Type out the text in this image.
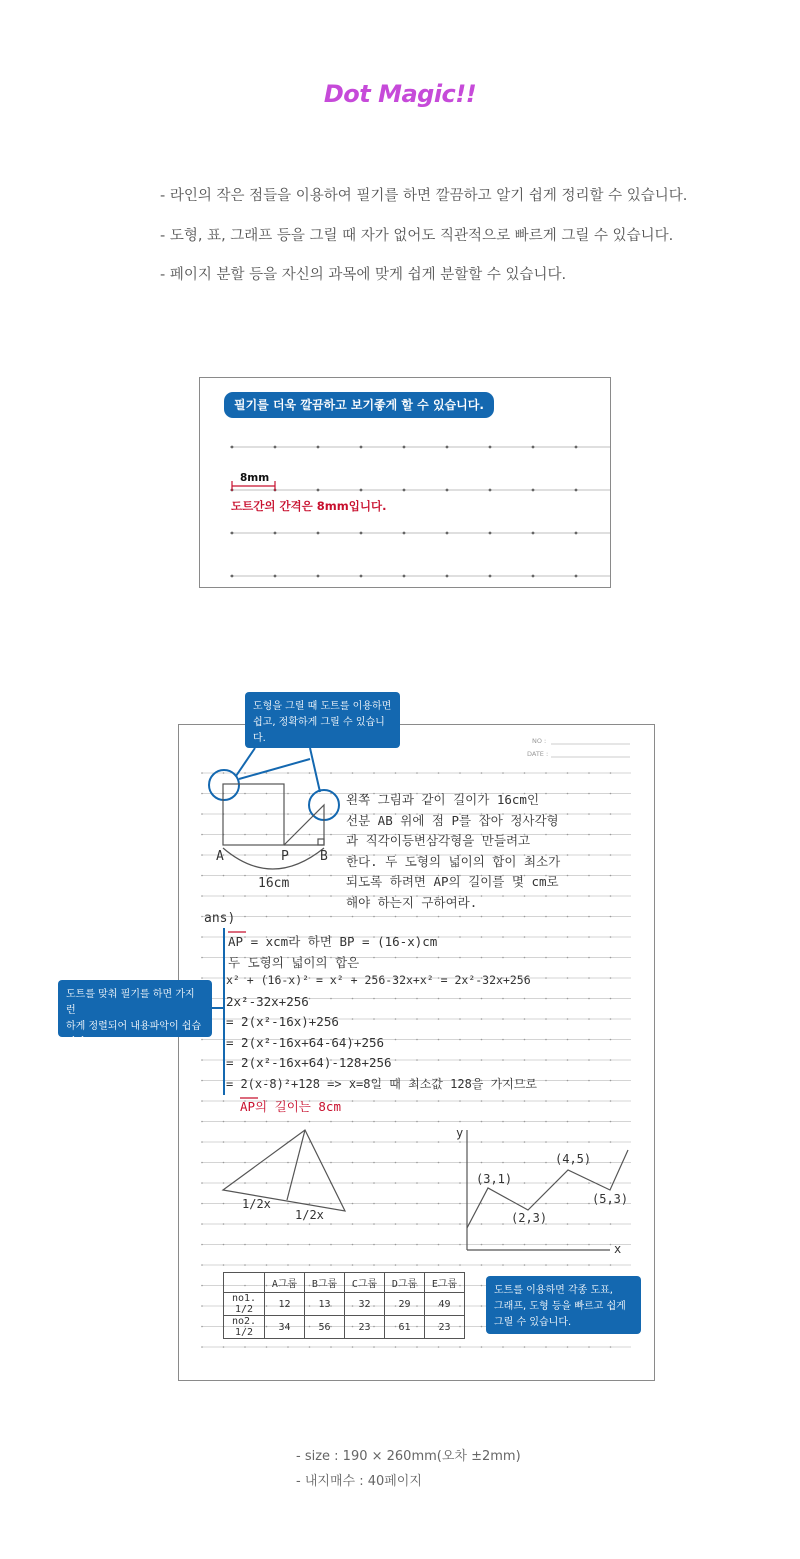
Dot Magic!!
- 라인의 작은 점들을 이용하여 필기를 하면 깔끔하고 알기 쉽게 정리할 수 있습니다.
- 도형, 표, 그래프 등을 그릴 때 자가 없어도 직관적으로 빠르게 그릴 수 있습니다.
- 페이지 분할 등을 자신의 과목에 맞게 쉽게 분할할 수 있습니다.
필기를 더욱 깔끔하고 보기좋게 할 수 있습니다.
8mm
도트간의 간격은 8mm입니다.
NO :
DATE :
도형을 그릴 때 도트를 이용하면
쉽고, 정확하게 그릴 수 있습니다.
도트를 맞춰 필기를 하면 가지런
하게 정렬되어 내용파악이 쉽습
니다.
도트를 이용하면 각종 도표,
그래프, 도형 등을 빠르고 쉽게
그릴 수 있습니다.
A	P B
16cm
왼쪽 그림과 같이 길이가 16cm인
선분 AB 위에 점 P를 잡아 정사각형
과 직각이등변삼각형을 만들려고
한다. 두 도형의 넓이의 합이 최소가
되도록 하려면 AP의 길이를 몇 cm로
해야 하는지 구하여라.
ans)
AP = xcm라 하면 BP = (16-x)cm
두 도형의 넓이의 합은
x² + (16-x)² = x² + 256-32x+x² = 2x²-32x+256
2x²-32x+256
= 2(x²-16x)+256
= 2(x²-16x+64-64)+256
= 2(x²-16x+64)-128+256
= 2(x-8)²+128 => x=8일 때 최소값 128을 가지므로
AP의 길이는 8cm
1/2x
1/2x
y
x
(3,1)
(2,3)
(4,5)
(5,3)
	A그룹	B그룹	C그룹	D그룹	E그룹
no1. 1/2	12	13	32	29	49
no2. 1/2	34	56	23	61	23
- size : 190 × 260mm(오차 ±2mm)
- 내지매수 : 40페이지
